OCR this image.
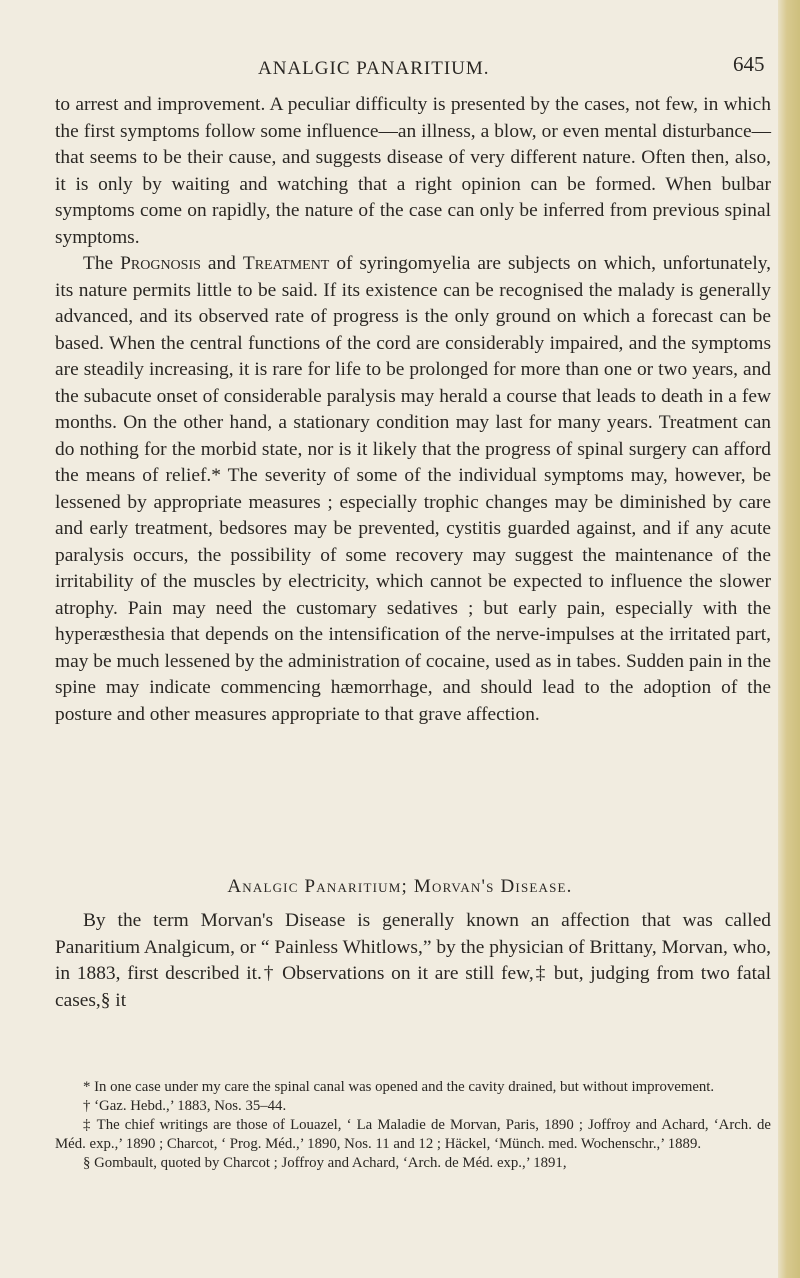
ANALGIC PANARITIUM.	645

to arrest and improvement. A peculiar difficulty is presented by the cases, not few, in which the first symptoms follow some influence—an illness, a blow, or even mental disturbance—that seems to be their cause, and suggests disease of very different nature. Often then, also, it is only by waiting and watching that a right opinion can be formed. When bulbar symptoms come on rapidly, the nature of the case can only be inferred from previous spinal symptoms.

The Prognosis and Treatment of syringomyelia are subjects on which, unfortunately, its nature permits little to be said. If its existence can be recognised the malady is generally advanced, and its observed rate of progress is the only ground on which a forecast can be based. When the central functions of the cord are considerably impaired, and the symptoms are steadily increasing, it is rare for life to be prolonged for more than one or two years, and the subacute onset of considerable paralysis may herald a course that leads to death in a few months. On the other hand, a stationary condition may last for many years. Treatment can do nothing for the morbid state, nor is it likely that the progress of spinal surgery can afford the means of relief.* The severity of some of the individual symptoms may, however, be lessened by appropriate measures ; especially trophic changes may be diminished by care and early treatment, bedsores may be prevented, cystitis guarded against, and if any acute paralysis occurs, the possibility of some recovery may suggest the maintenance of the irritability of the muscles by electricity, which cannot be expected to influence the slower atrophy. Pain may need the customary sedatives ; but early pain, especially with the hyperæsthesia that depends on the intensification of the nerve-impulses at the irritated part, may be much lessened by the administration of cocaine, used as in tabes. Sudden pain in the spine may indicate commencing hæmorrhage, and should lead to the adoption of the posture and other measures appropriate to that grave affection.

Analgic Panaritium; Morvan's Disease.

By the term Morvan's Disease is generally known an affection that was called Panaritium Analgicum, or “ Painless Whitlows,” by the physician of Brittany, Morvan, who, in 1883, first described it.† Observations on it are still few,‡ but, judging from two fatal cases,§ it

* In one case under my care the spinal canal was opened and the cavity drained, but without improvement.

† ‘Gaz. Hebd.,’ 1883, Nos. 35–44.

‡ The chief writings are those of Louazel, ‘ La Maladie de Morvan, Paris, 1890 ; Joffroy and Achard, ‘Arch. de Méd. exp.,’ 1890 ; Charcot, ‘ Prog. Méd.,’ 1890, Nos. 11 and 12 ; Häckel, ‘Münch. med. Wochenschr.,’ 1889.

§ Gombault, quoted by Charcot ; Joffroy and Achard, ‘Arch. de Méd. exp.,’ 1891,
